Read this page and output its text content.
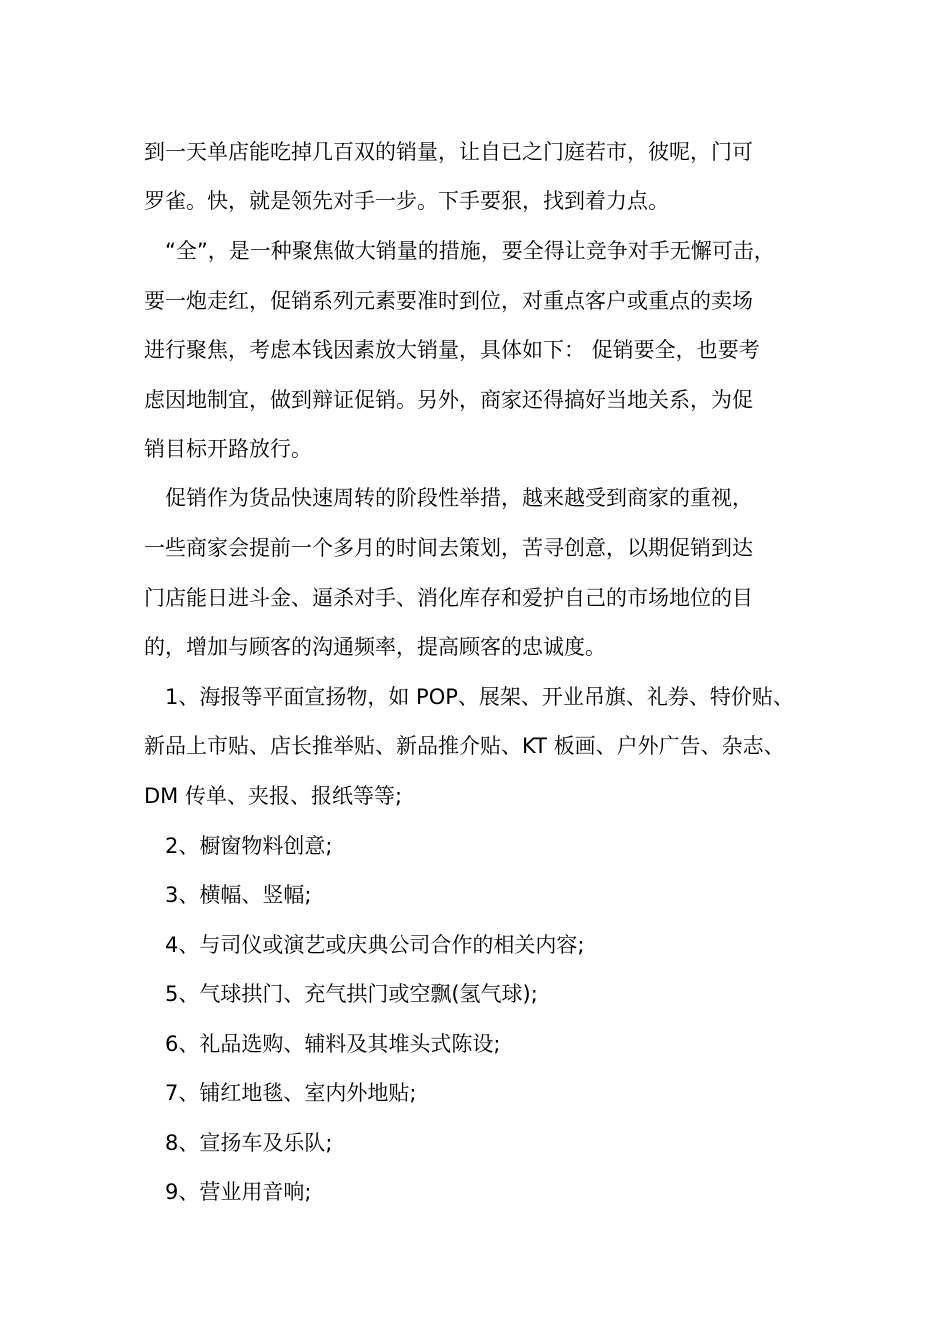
到一天单店能吃掉几百双的销量，让自已之门庭若市，彼呢，门可
罗雀。快，就是领先对手一步。下手要狠，找到着力点。
“全”，是一种聚焦做大销量的措施，要全得让竞争对手无懈可击，
要一炮走红，促销系列元素要准时到位，对重点客户或重点的卖场
进行聚焦，考虑本钱因素放大销量，具体如下： 促销要全，也要考
虑因地制宜，做到辩证促销。另外，商家还得搞好当地关系，为促
销目标开路放行。
促销作为货品快速周转的阶段性举措，越来越受到商家的重视，
一些商家会提前一个多月的时间去策划，苦寻创意，以期促销到达
门店能日进斗金、逼杀对手、消化库存和爱护自己的市场地位的目
的，增加与顾客的沟通频率，提高顾客的忠诚度。
1、海报等平面宣扬物，如 POP、展架、开业吊旗、礼券、特价贴、
新品上市贴、店长推举贴、新品推介贴、KT 板画、户外广告、杂志、
DM 传单、夹报、报纸等等;
2、橱窗物料创意;
3、横幅、竖幅;
4、与司仪或演艺或庆典公司合作的相关内容;
5、气球拱门、充气拱门或空飘(氢气球);
6、礼品选购、辅料及其堆头式陈设;
7、铺红地毯、室内外地贴;
8、宣扬车及乐队;
9、营业用音响;
